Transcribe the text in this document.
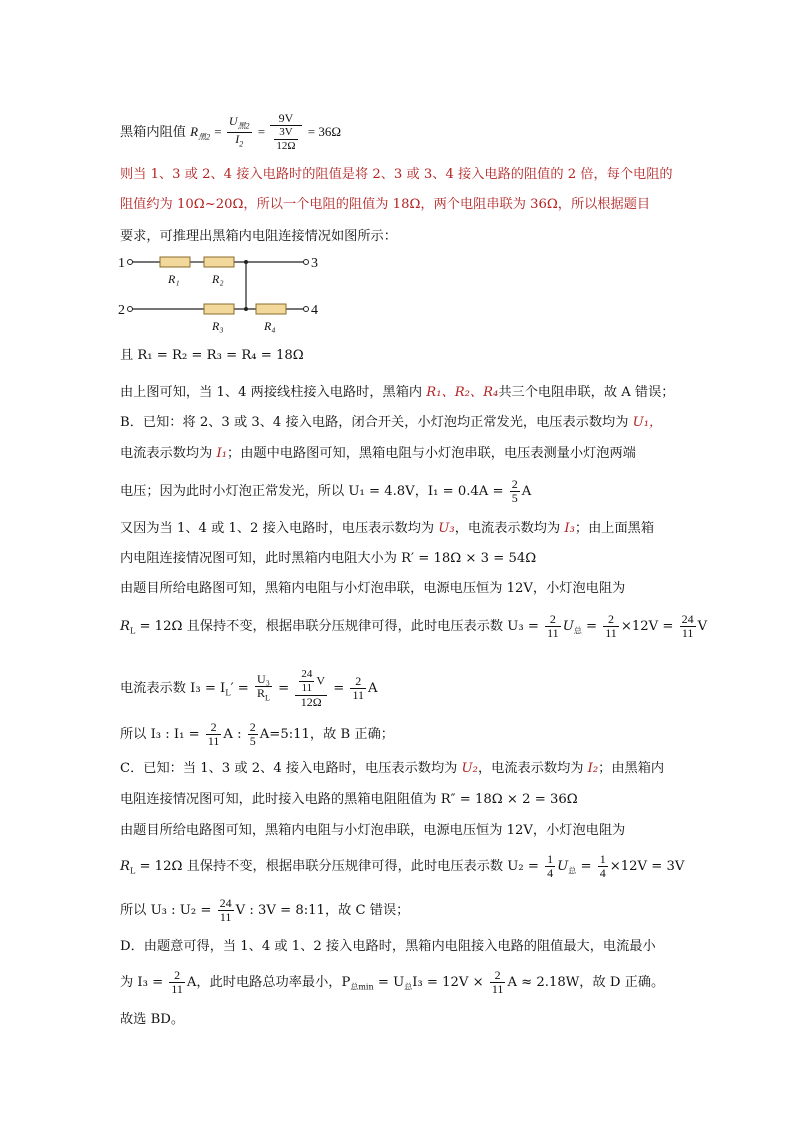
黑箱内阻值 $R_{黑2} = \frac{U_{黑2}}{I_2} = \frac{9V}{\frac{3V}{12\Omega}} = 36\Omega$
则当 1、3 或 2、4 接入电路时的阻值是将 2、3 或 3、4 接入电路的阻值的 2 倍，每个电阻的
阻值约为 10Ω~20Ω，所以一个电阻的阻值为 18Ω，两个电阻串联为 36Ω，所以根据题目
要求，可推理出黑箱内电阻连接情况如图所示：
1
2
3
4
R₁	R₂
R₃	R₄
且 R₁ = R₂ = R₃ = R₄ = 18Ω
由上图可知，当 1、4 两接线柱接入电路时，黑箱内 R₁、R₂、R₄共三个电阻串联，故 A 错误；
B．已知：将 2、3 或 3、4 接入电路，闭合开关，小灯泡均正常发光，电压表示数均为 U₁，
电流表示数均为 I₁；由题中电路图可知，黑箱电阻与小灯泡串联，电压表测量小灯泡两端
电压；因为此时小灯泡正常发光，所以 U₁ = 4.8V，$I_1 = 0.4A = \frac{2}{5}$ A
又因为当 1、4 或 1、2 接入电路时，电压表示数均为 U₃，电流表示数均为 I₃；由上面黑箱
内电阻连接情况图可知，此时黑箱内电阻大小为 R′ = 18Ω × 3 = 54Ω
由题目所给电路图可知，黑箱内电阻与小灯泡串联，电源电压恒为 12V，小灯泡电阻为
$R_L = 12\Omega$ 且保持不变，根据串联分压规律可得，此时电压表示数 $U_3 = \frac{2}{11} U_总 = \frac{2}{11} \times 12V = \frac{24}{11}$ V
电流表示数 $I_3 = I_L' = \frac{\text{U₃}}{R_L} = \frac{\frac{24}{11} V}{12\Omega} = \frac{2}{11}$ A
所以 I₃ : $I_1 = \frac{2}{11}$ A : $\frac{2}{5}$ A=5:11，故 B 正确；
C．已知：当 1、3 或 2、4 接入电路时，电压表示数均为 U₂，电流表示数均为 I₂；由黑箱内
电阻连接情况图可知，此时接入电路的黑箱电阻阻值为 R″ = 18Ω × 2 = 36Ω
由题目所给电路图可知，黑箱内电阻与小灯泡串联，电源电压恒为 12V，小灯泡电阻为
$R_L = 12\Omega$ 且保持不变，根据串联分压规律可得，此时电压表示数 $U_2 = \frac{1}{4} U_总 = \frac{1}{4} \times 12V = 3V$
所以 U₃ : $U_2 = \frac{24}{11}$ V : 3V = 8:11，故 C 错误；
D．由题意可得，当 1、4 或 1、2 接入电路时，黑箱内电阻接入电路的阻值最大，电流最小
为 $I_3 = \frac{2}{11}$ A，此时电路总功率最小，$P_{总min} = U_总I_3 = 12V \times \frac{2}{11}$ A ≈ 2.18W，故 D 正确。
故选 BD。
